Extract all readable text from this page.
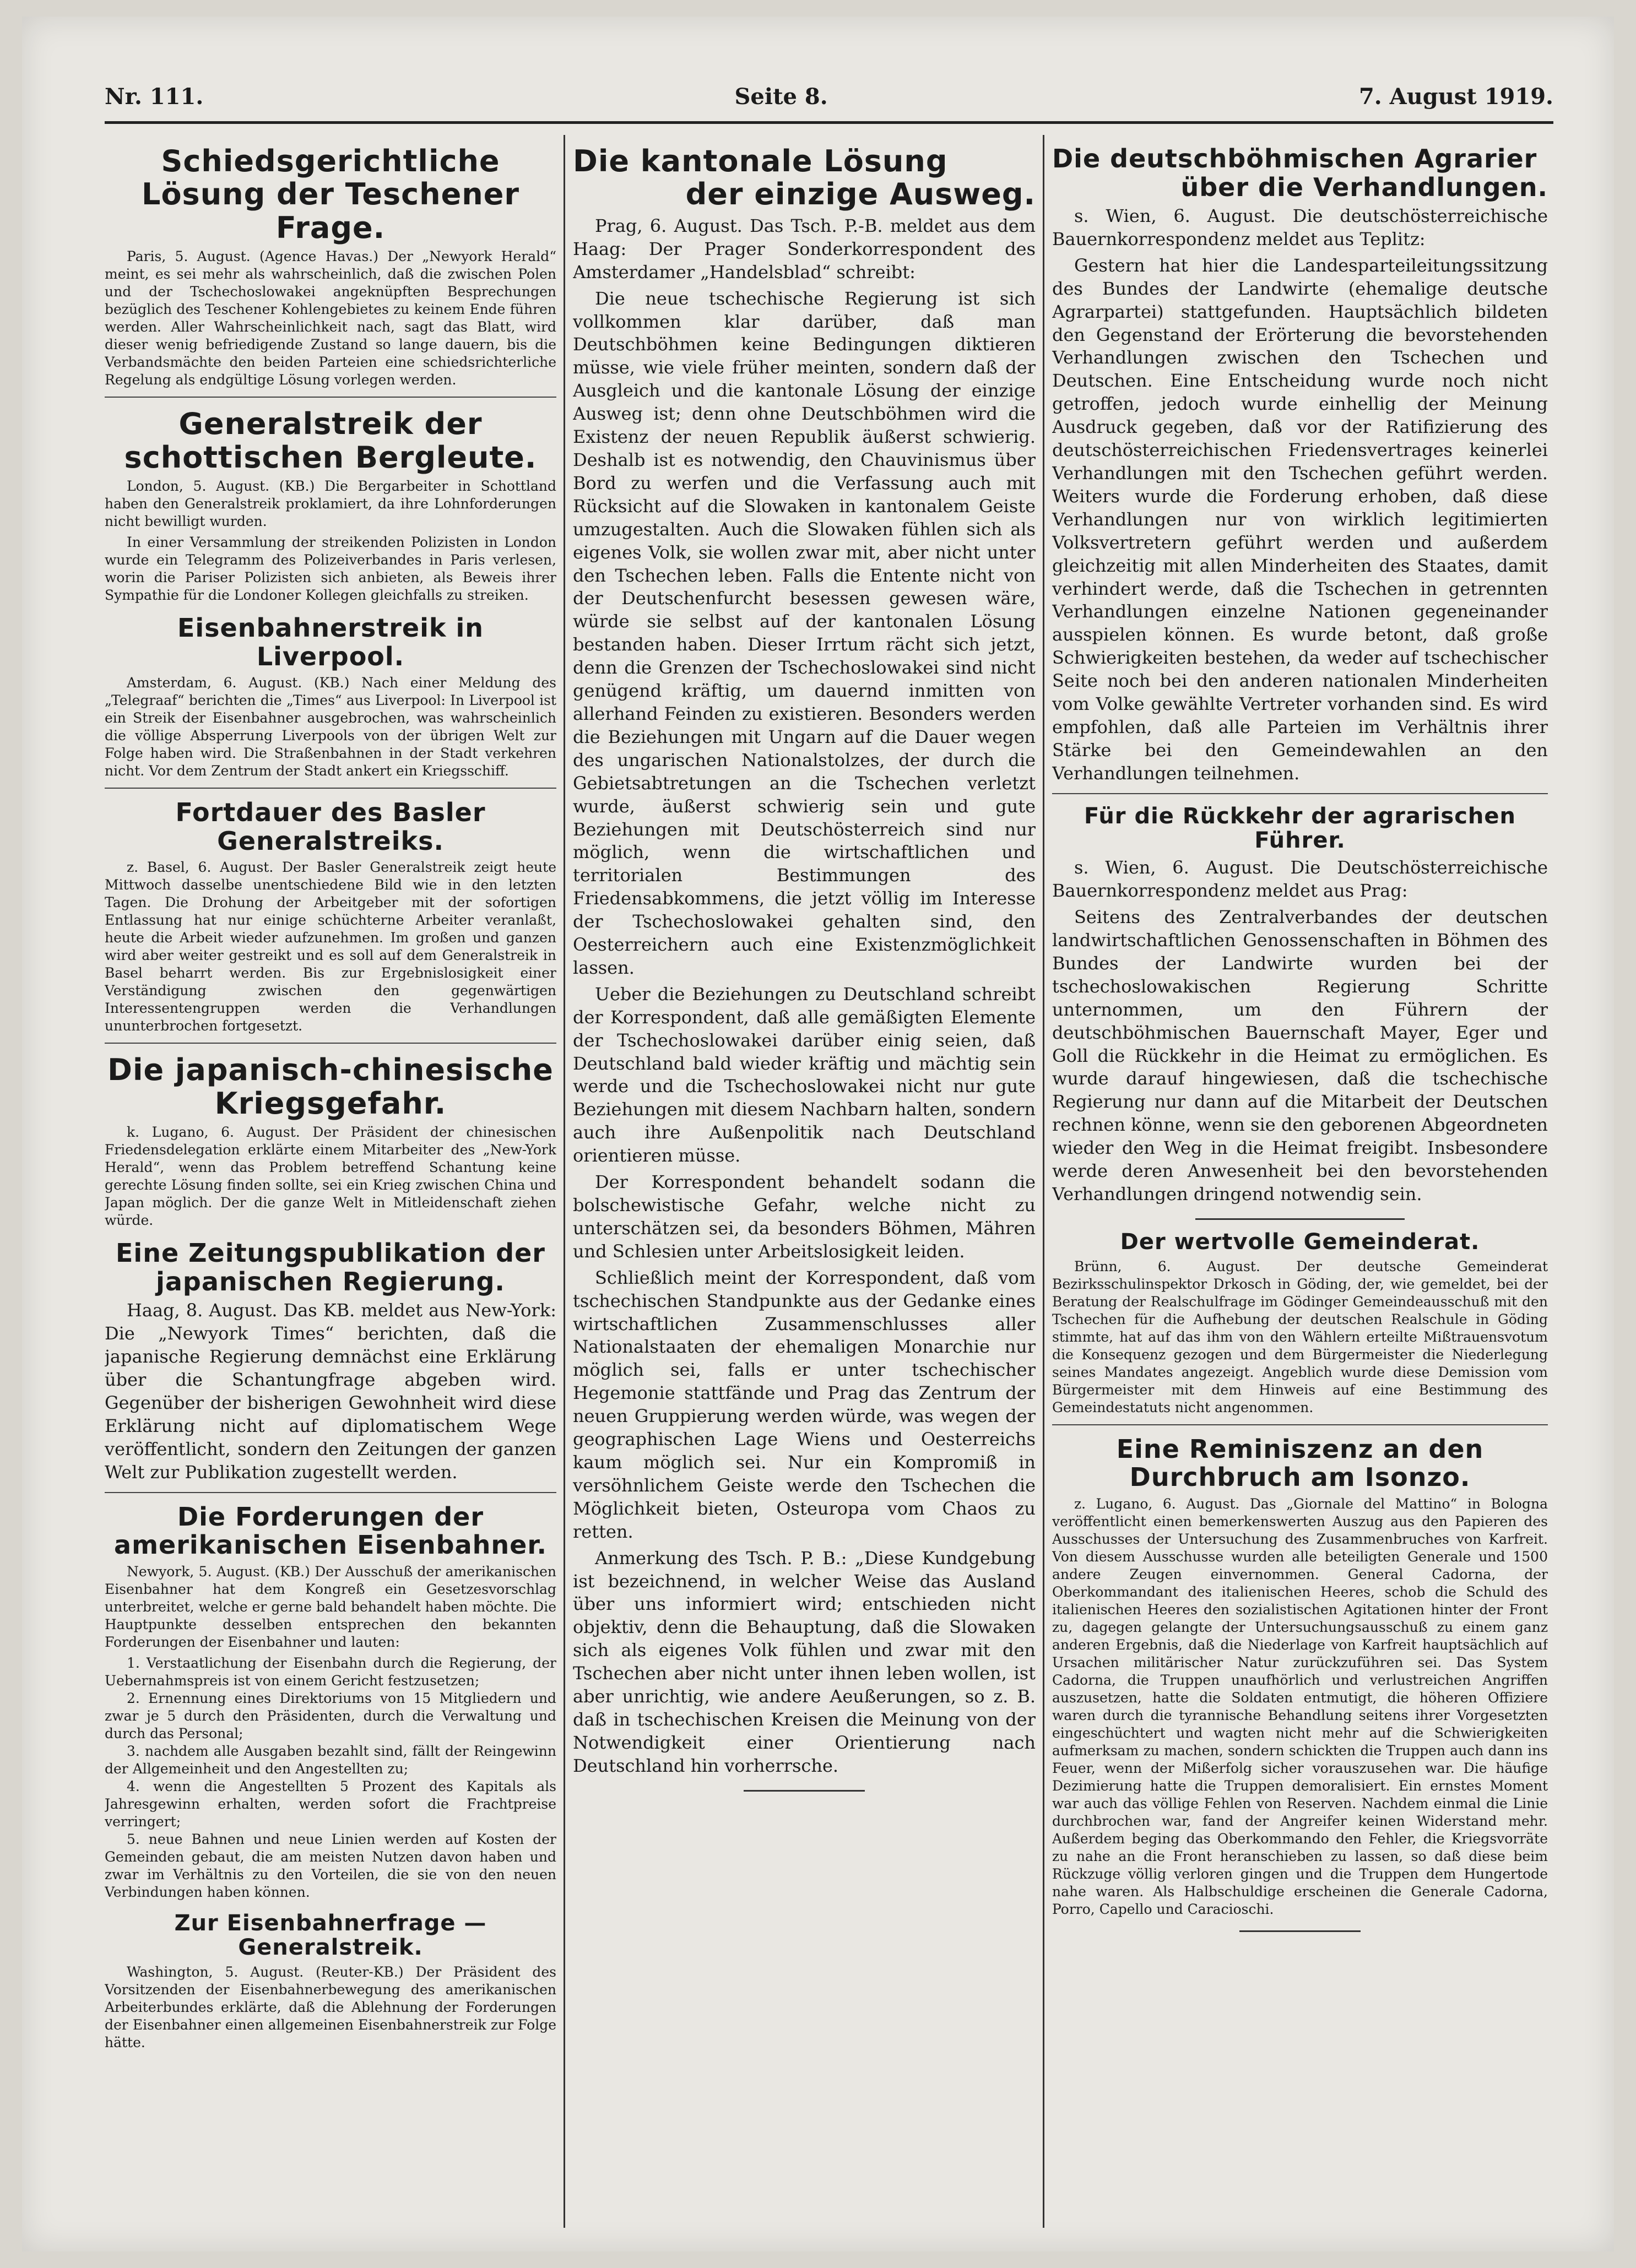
Nr. 111.	Seite 8.	7. August 1919.
Schiedsgerichtliche Lösung der Teschener Frage.

Paris, 5. August. (Agence Havas.) Der „Newyork Herald“ meint, es sei mehr als wahrscheinlich, daß die zwischen Polen und der Tschechoslowakei angeknüpften Besprechungen bezüglich des Teschener Kohlengebietes zu keinem Ende führen werden. Aller Wahrscheinlichkeit nach, sagt das Blatt, wird dieser wenig befriedigende Zustand so lange dauern, bis die Verbandsmächte den beiden Parteien eine schiedsrichterliche Regelung als endgültige Lösung vorlegen werden.

Generalstreik der schottischen Bergleute.

London, 5. August. (KB.) Die Bergarbeiter in Schottland haben den Generalstreik proklamiert, da ihre Lohnforderungen nicht bewilligt wurden.

In einer Versammlung der streikenden Polizisten in London wurde ein Telegramm des Polizeiverbandes in Paris verlesen, worin die Pariser Polizisten sich anbieten, als Beweis ihrer Sympathie für die Londoner Kollegen gleichfalls zu streiken.

Eisenbahnerstreik in Liverpool.

Amsterdam, 6. August. (KB.) Nach einer Meldung des „Telegraaf“ berichten die „Times“ aus Liverpool: In Liverpool ist ein Streik der Eisenbahner ausgebrochen, was wahrscheinlich die völlige Absperrung Liverpools von der übrigen Welt zur Folge haben wird. Die Straßenbahnen in der Stadt verkehren nicht. Vor dem Zentrum der Stadt ankert ein Kriegsschiff.

Fortdauer des Basler Generalstreiks.

z. Basel, 6. August. Der Basler Generalstreik zeigt heute Mittwoch dasselbe unentschiedene Bild wie in den letzten Tagen. Die Drohung der Arbeitgeber mit der sofortigen Entlassung hat nur einige schüchterne Arbeiter veranlaßt, heute die Arbeit wieder aufzunehmen. Im großen und ganzen wird aber weiter gestreikt und es soll auf dem Generalstreik in Basel beharrt werden. Bis zur Ergebnislosigkeit einer Verständigung zwischen den gegenwärtigen Interessentengruppen werden die Verhandlungen ununterbrochen fortgesetzt.

Die japanisch-chinesische Kriegsgefahr.

k. Lugano, 6. August. Der Präsident der chinesischen Friedensdelegation erklärte einem Mitarbeiter des „New-York Herald“, wenn das Problem betreffend Schantung keine gerechte Lösung finden sollte, sei ein Krieg zwischen China und Japan möglich. Der die ganze Welt in Mitleidenschaft ziehen würde.

Eine Zeitungspublikation der japanischen Regierung.

Haag, 8. August. Das KB. meldet aus New-York: Die „Newyork Times“ berichten, daß die japanische Regierung demnächst eine Erklärung über die Schantungfrage abgeben wird. Gegenüber der bisherigen Gewohnheit wird diese Erklärung nicht auf diplomatischem Wege veröffentlicht, sondern den Zeitungen der ganzen Welt zur Publikation zugestellt werden.

Die Forderungen der amerikanischen Eisenbahner.

Newyork, 5. August. (KB.) Der Ausschuß der amerikanischen Eisenbahner hat dem Kongreß ein Gesetzesvorschlag unterbreitet, welche er gerne bald behandelt haben möchte. Die Hauptpunkte desselben entsprechen den bekannten Forderungen der Eisenbahner und lauten:

1. Verstaatlichung der Eisenbahn durch die Regierung, der Uebernahmspreis ist von einem Gericht festzusetzen;
2. Ernennung eines Direktoriums von 15 Mitgliedern und zwar je 5 durch den Präsidenten, durch die Verwaltung und durch das Personal;
3. nachdem alle Ausgaben bezahlt sind, fällt der Reingewinn der Allgemeinheit und den Angestellten zu;
4. wenn die Angestellten 5 Prozent des Kapitals als Jahresgewinn erhalten, werden sofort die Frachtpreise verringert;
5. neue Bahnen und neue Linien werden auf Kosten der Gemeinden gebaut, die am meisten Nutzen davon haben und zwar im Verhältnis zu den Vorteilen, die sie von den neuen Verbindungen haben können.
Zur Eisenbahnerfrage — Generalstreik.

Washington, 5. August. (Reuter-KB.) Der Präsident des Vorsitzenden der Eisenbahnerbewegung des amerikanischen Arbeiterbundes erklärte, daß die Ablehnung der Forderungen der Eisenbahner einen allgemeinen Eisenbahnerstreik zur Folge hätte.

Die kantonale Lösung
der einzige Ausweg.

Prag, 6. August. Das Tsch. P.-B. meldet aus dem Haag: Der Prager Sonderkorrespondent des Amsterdamer „Handelsblad“ schreibt:

Die neue tschechische Regierung ist sich vollkommen klar darüber, daß man Deutschböhmen keine Bedingungen diktieren müsse, wie viele früher meinten, sondern daß der Ausgleich und die kantonale Lösung der einzige Ausweg ist; denn ohne Deutschböhmen wird die Existenz der neuen Republik äußerst schwierig. Deshalb ist es notwendig, den Chauvinismus über Bord zu werfen und die Verfassung auch mit Rücksicht auf die Slowaken in kantonalem Geiste umzugestalten. Auch die Slowaken fühlen sich als eigenes Volk, sie wollen zwar mit, aber nicht unter den Tschechen leben. Falls die Entente nicht von der Deutschenfurcht besessen gewesen wäre, würde sie selbst auf der kantonalen Lösung bestanden haben. Dieser Irrtum rächt sich jetzt, denn die Grenzen der Tschechoslowakei sind nicht genügend kräftig, um dauernd inmitten von allerhand Feinden zu existieren. Besonders werden die Beziehungen mit Ungarn auf die Dauer wegen des ungarischen Nationalstolzes, der durch die Gebietsabtretungen an die Tschechen verletzt wurde, äußerst schwierig sein und gute Beziehungen mit Deutschösterreich sind nur möglich, wenn die wirtschaftlichen und territorialen Bestimmungen des Friedensabkommens, die jetzt völlig im Interesse der Tschechoslowakei gehalten sind, den Oesterreichern auch eine Existenzmöglichkeit lassen.

Ueber die Beziehungen zu Deutschland schreibt der Korrespondent, daß alle gemäßigten Elemente der Tschechoslowakei darüber einig seien, daß Deutschland bald wieder kräftig und mächtig sein werde und die Tschechoslowakei nicht nur gute Beziehungen mit diesem Nachbarn halten, sondern auch ihre Außenpolitik nach Deutschland orientieren müsse.

Der Korrespondent behandelt sodann die bolschewistische Gefahr, welche nicht zu unterschätzen sei, da besonders Böhmen, Mähren und Schlesien unter Arbeitslosigkeit leiden.

Schließlich meint der Korrespondent, daß vom tschechischen Standpunkte aus der Gedanke eines wirtschaftlichen Zusammenschlusses aller Nationalstaaten der ehemaligen Monarchie nur möglich sei, falls er unter tschechischer Hegemonie stattfände und Prag das Zentrum der neuen Gruppierung werden würde, was wegen der geographischen Lage Wiens und Oesterreichs kaum möglich sei. Nur ein Kompromiß in versöhnlichem Geiste werde den Tschechen die Möglichkeit bieten, Osteuropa vom Chaos zu retten.

Anmerkung des Tsch. P. B.: „Diese Kundgebung ist bezeichnend, in welcher Weise das Ausland über uns informiert wird; entschieden nicht objektiv, denn die Behauptung, daß die Slowaken sich als eigenes Volk fühlen und zwar mit den Tschechen aber nicht unter ihnen leben wollen, ist aber unrichtig, wie andere Aeußerungen, so z. B. daß in tschechischen Kreisen die Meinung von der Notwendigkeit einer Orientierung nach Deutschland hin vorherrsche.

Die deutschböhmischen Agrarier
über die Verhandlungen.

s. Wien, 6. August. Die deutschösterreichische Bauernkorrespondenz meldet aus Teplitz:

Gestern hat hier die Landesparteileitungssitzung des Bundes der Landwirte (ehemalige deutsche Agrarpartei) stattgefunden. Hauptsächlich bildeten den Gegenstand der Erörterung die bevorstehenden Verhandlungen zwischen den Tschechen und Deutschen. Eine Entscheidung wurde noch nicht getroffen, jedoch wurde einhellig der Meinung Ausdruck gegeben, daß vor der Ratifizierung des deutschösterreichischen Friedensvertrages keinerlei Verhandlungen mit den Tschechen geführt werden. Weiters wurde die Forderung erhoben, daß diese Verhandlungen nur von wirklich legitimierten Volksvertretern geführt werden und außerdem gleichzeitig mit allen Minderheiten des Staates, damit verhindert werde, daß die Tschechen in getrennten Verhandlungen einzelne Nationen gegeneinander ausspielen können. Es wurde betont, daß große Schwierigkeiten bestehen, da weder auf tschechischer Seite noch bei den anderen nationalen Minderheiten vom Volke gewählte Vertreter vorhanden sind. Es wird empfohlen, daß alle Parteien im Verhältnis ihrer Stärke bei den Gemeindewahlen an den Verhandlungen teilnehmen.

Für die Rückkehr der agrarischen Führer.

s. Wien, 6. August. Die Deutschösterreichische Bauernkorrespondenz meldet aus Prag:

Seitens des Zentralverbandes der deutschen landwirtschaftlichen Genossenschaften in Böhmen des Bundes der Landwirte wurden bei der tschechoslowakischen Regierung Schritte unternommen, um den Führern der deutschböhmischen Bauernschaft Mayer, Eger und Goll die Rückkehr in die Heimat zu ermöglichen. Es wurde darauf hingewiesen, daß die tschechische Regierung nur dann auf die Mitarbeit der Deutschen rechnen könne, wenn sie den geborenen Abgeordneten wieder den Weg in die Heimat freigibt. Insbesondere werde deren Anwesenheit bei den bevorstehenden Verhandlungen dringend notwendig sein.

Der wertvolle Gemeinderat.

Brünn, 6. August. Der deutsche Gemeinderat Bezirksschulinspektor Drkosch in Göding, der, wie gemeldet, bei der Beratung der Realschulfrage im Gödinger Gemeindeausschuß mit den Tschechen für die Aufhebung der deutschen Realschule in Göding stimmte, hat auf das ihm von den Wählern erteilte Mißtrauensvotum die Konsequenz gezogen und dem Bürgermeister die Niederlegung seines Mandates angezeigt. Angeblich wurde diese Demission vom Bürgermeister mit dem Hinweis auf eine Bestimmung des Gemeindestatuts nicht angenommen.

Eine Reminiszenz an den Durchbruch am Isonzo.

z. Lugano, 6. August. Das „Giornale del Mattino“ in Bologna veröffentlicht einen bemerkenswerten Auszug aus den Papieren des Ausschusses der Untersuchung des Zusammenbruches von Karfreit. Von diesem Ausschusse wurden alle beteiligten Generale und 1500 andere Zeugen einvernommen. General Cadorna, der Oberkommandant des italienischen Heeres, schob die Schuld des italienischen Heeres den sozialistischen Agitationen hinter der Front zu, dagegen gelangte der Untersuchungsausschuß zu einem ganz anderen Ergebnis, daß die Niederlage von Karfreit hauptsächlich auf Ursachen militärischer Natur zurückzuführen sei. Das System Cadorna, die Truppen unaufhörlich und verlustreichen Angriffen auszusetzen, hatte die Soldaten entmutigt, die höheren Offiziere waren durch die tyrannische Behandlung seitens ihrer Vorgesetzten eingeschüchtert und wagten nicht mehr auf die Schwierigkeiten aufmerksam zu machen, sondern schickten die Truppen auch dann ins Feuer, wenn der Mißerfolg sicher vorauszusehen war. Die häufige Dezimierung hatte die Truppen demoralisiert. Ein ernstes Moment war auch das völlige Fehlen von Reserven. Nachdem einmal die Linie durchbrochen war, fand der Angreifer keinen Widerstand mehr. Außerdem beging das Oberkommando den Fehler, die Kriegsvorräte zu nahe an die Front heranschieben zu lassen, so daß diese beim Rückzuge völlig verloren gingen und die Truppen dem Hungertode nahe waren. Als Halbschuldige erscheinen die Generale Cadorna, Porro, Capello und Caracioschi.
